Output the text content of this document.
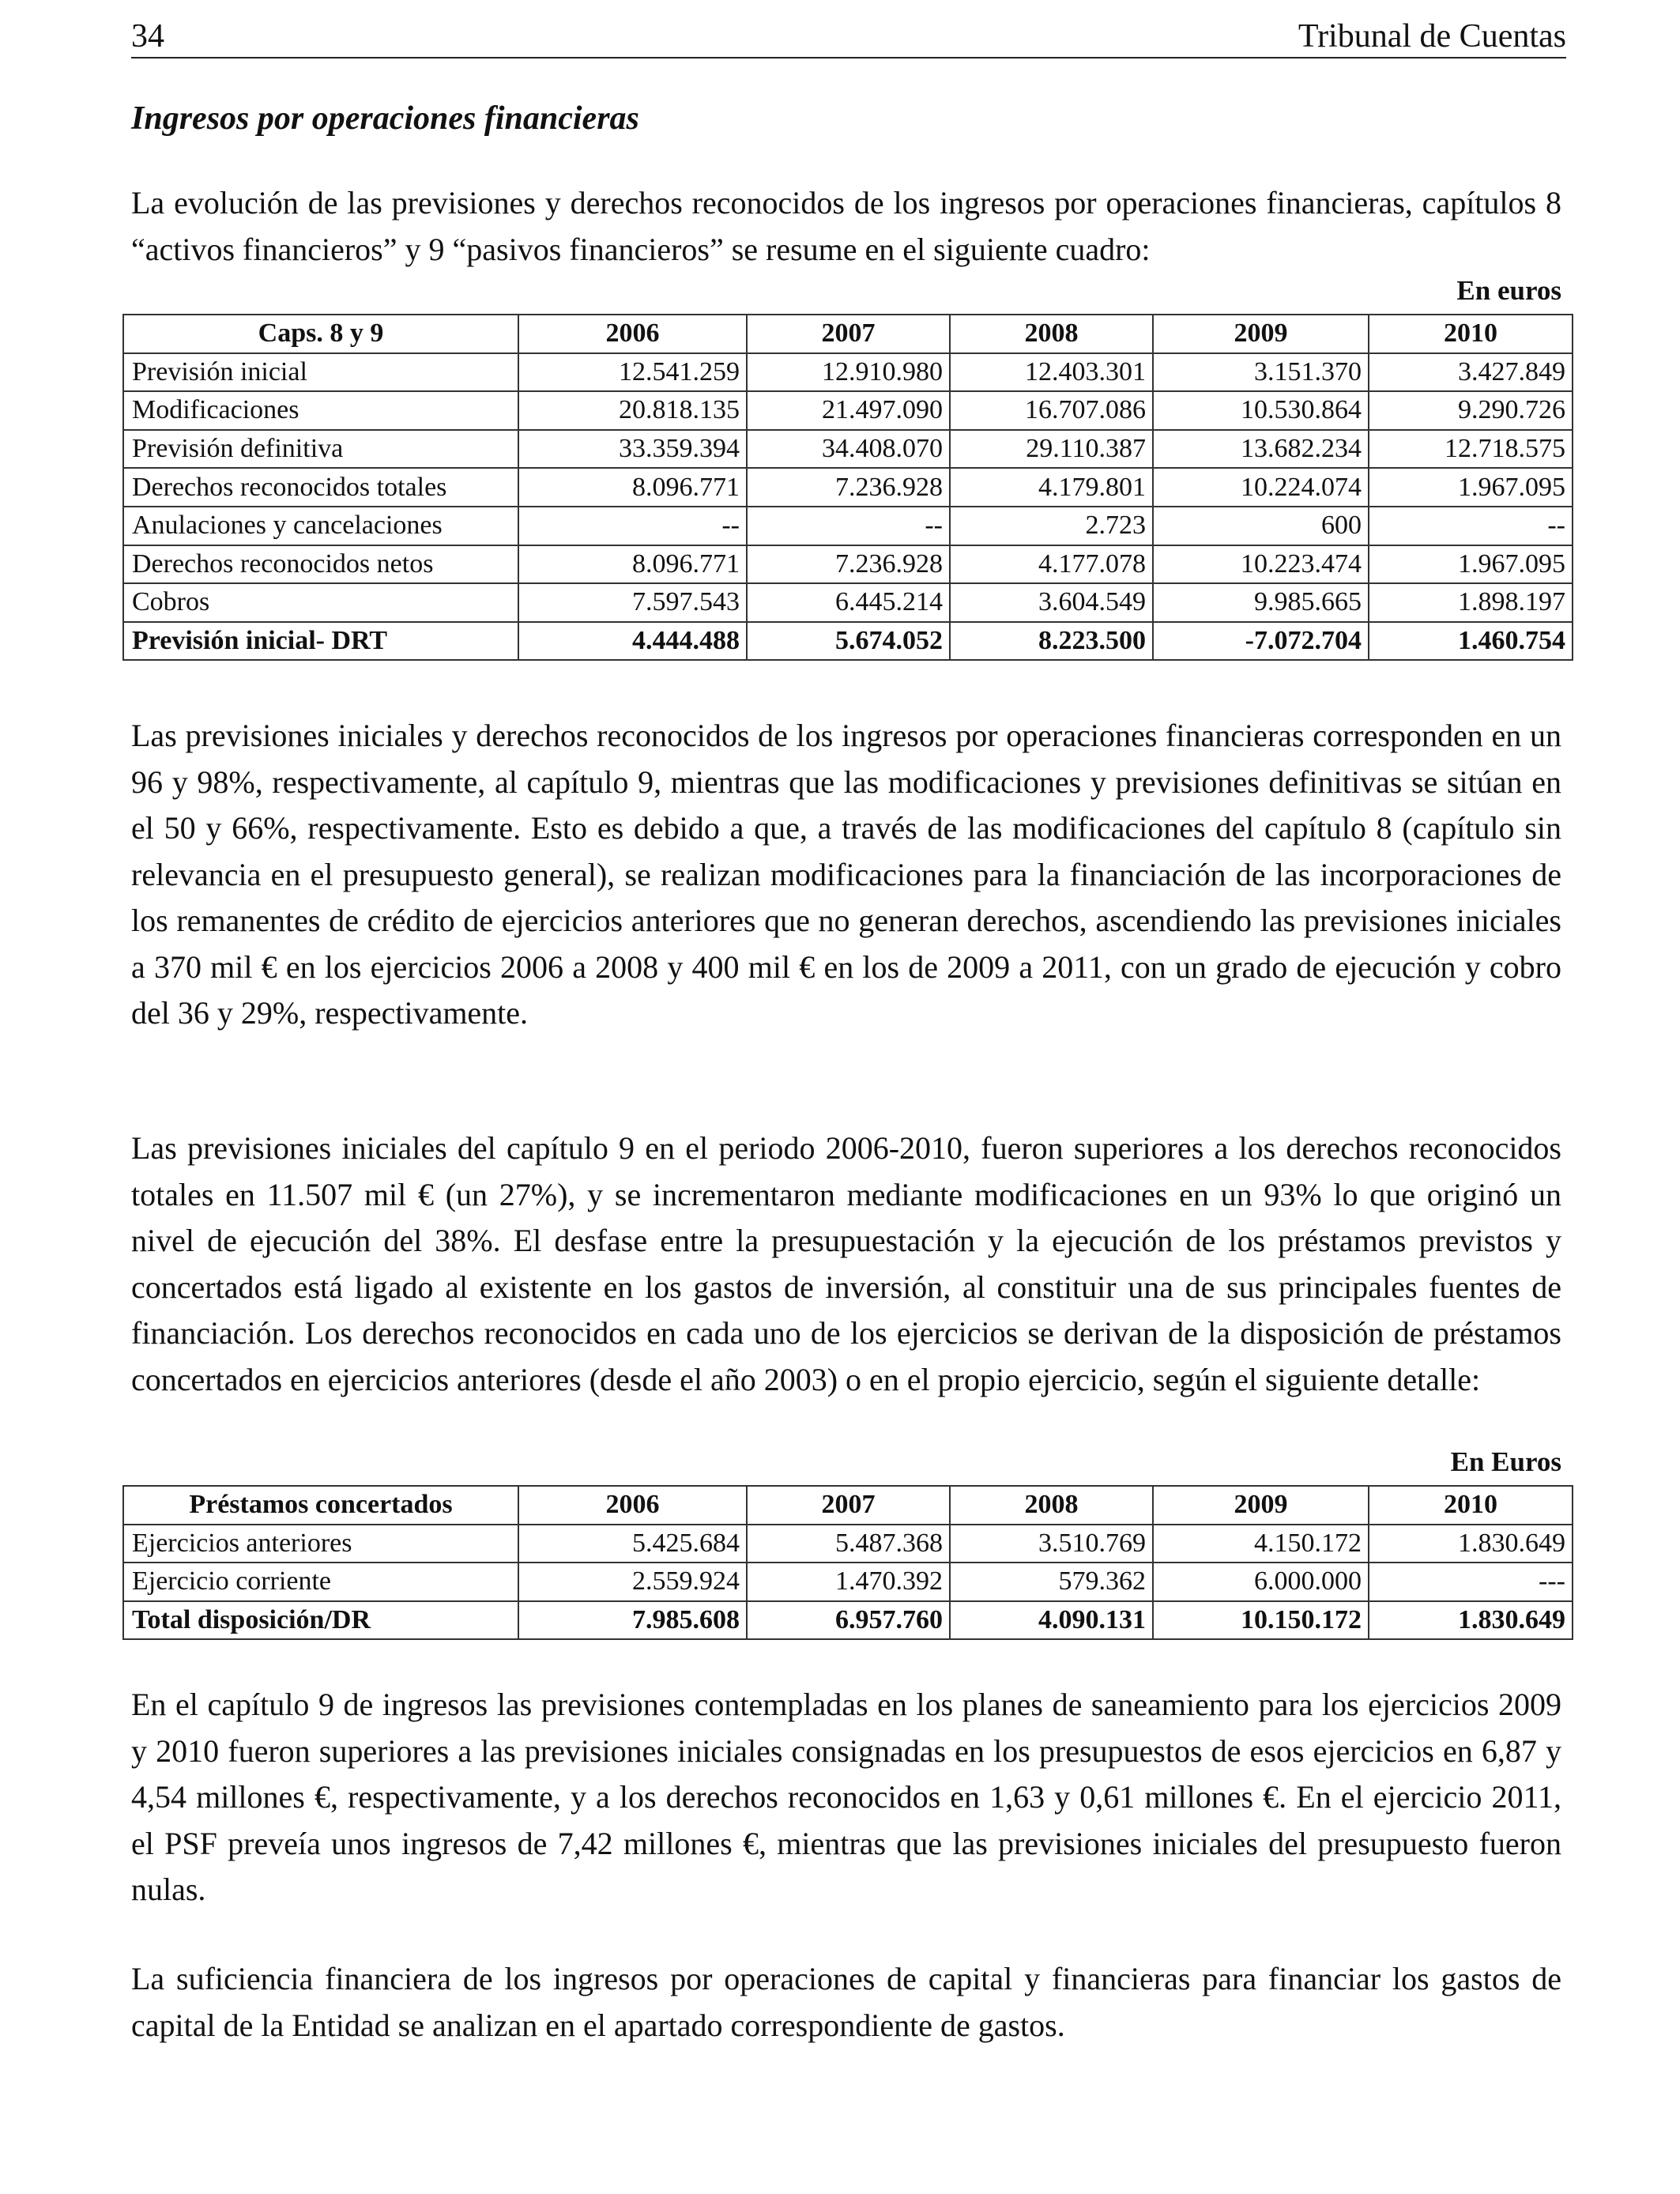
34	Tribunal de Cuentas
Ingresos por operaciones financieras

La evolución de las previsiones y derechos reconocidos de los ingresos por operaciones financieras, capítulos 8 “activos financieros” y 9 “pasivos financieros” se resume en el siguiente cuadro:

En euros
Caps. 8 y 9	2006	2007	2008	2009	2010
Previsión inicial	12.541.259	12.910.980	12.403.301	3.151.370	3.427.849
Modificaciones	20.818.135	21.497.090	16.707.086	10.530.864	9.290.726
Previsión definitiva	33.359.394	34.408.070	29.110.387	13.682.234	12.718.575
Derechos reconocidos totales	8.096.771	7.236.928	4.179.801	10.224.074	1.967.095
Anulaciones y cancelaciones	--	--	2.723	600	--
Derechos reconocidos netos	8.096.771	7.236.928	4.177.078	10.223.474	1.967.095
Cobros	7.597.543	6.445.214	3.604.549	9.985.665	1.898.197
Previsión inicial- DRT	4.444.488	5.674.052	8.223.500	-7.072.704	1.460.754

Las previsiones iniciales y derechos reconocidos de los ingresos por operaciones financieras corresponden en un 96 y 98%, respectivamente, al capítulo 9, mientras que las modificaciones y previsiones definitivas se sitúan en el 50 y 66%, respectivamente. Esto es debido a que, a través de las modificaciones del capítulo 8 (capítulo sin relevancia en el presupuesto general), se realizan modificaciones para la financiación de las incorporaciones de los remanentes de crédito de ejercicios anteriores que no generan derechos, ascendiendo las previsiones iniciales a 370 mil € en los ejercicios 2006 a 2008 y 400 mil € en los de 2009 a 2011, con un grado de ejecución y cobro del 36 y 29%, respectivamente.

Las previsiones iniciales del capítulo 9 en el periodo 2006-2010, fueron superiores a los derechos reconocidos totales en 11.507 mil € (un 27%), y se incrementaron mediante modificaciones en un 93% lo que originó un nivel de ejecución del 38%. El desfase entre la presupuestación y la ejecución de los préstamos previstos y concertados está ligado al existente en los gastos de inversión, al constituir una de sus principales fuentes de financiación. Los derechos reconocidos en cada uno de los ejercicios se derivan de la disposición de préstamos concertados en ejercicios anteriores (desde el año 2003) o en el propio ejercicio, según el siguiente detalle:

En Euros
Préstamos concertados	2006	2007	2008	2009	2010
Ejercicios anteriores	5.425.684	5.487.368	3.510.769	4.150.172	1.830.649
Ejercicio corriente	2.559.924	1.470.392	579.362	6.000.000	---
Total disposición/DR	7.985.608	6.957.760	4.090.131	10.150.172	1.830.649

En el capítulo 9 de ingresos las previsiones contempladas en los planes de saneamiento para los ejercicios 2009 y 2010 fueron superiores a las previsiones iniciales consignadas en los presupuestos de esos ejercicios en 6,87 y 4,54 millones €, respectivamente, y a los derechos reconocidos en 1,63 y 0,61 millones €. En el ejercicio 2011, el PSF preveía unos ingresos de 7,42 millones €, mientras que las previsiones iniciales del presupuesto fueron nulas.

La suficiencia financiera de los ingresos por operaciones de capital y financieras para financiar los gastos de capital de la Entidad se analizan en el apartado correspondiente de gastos.
